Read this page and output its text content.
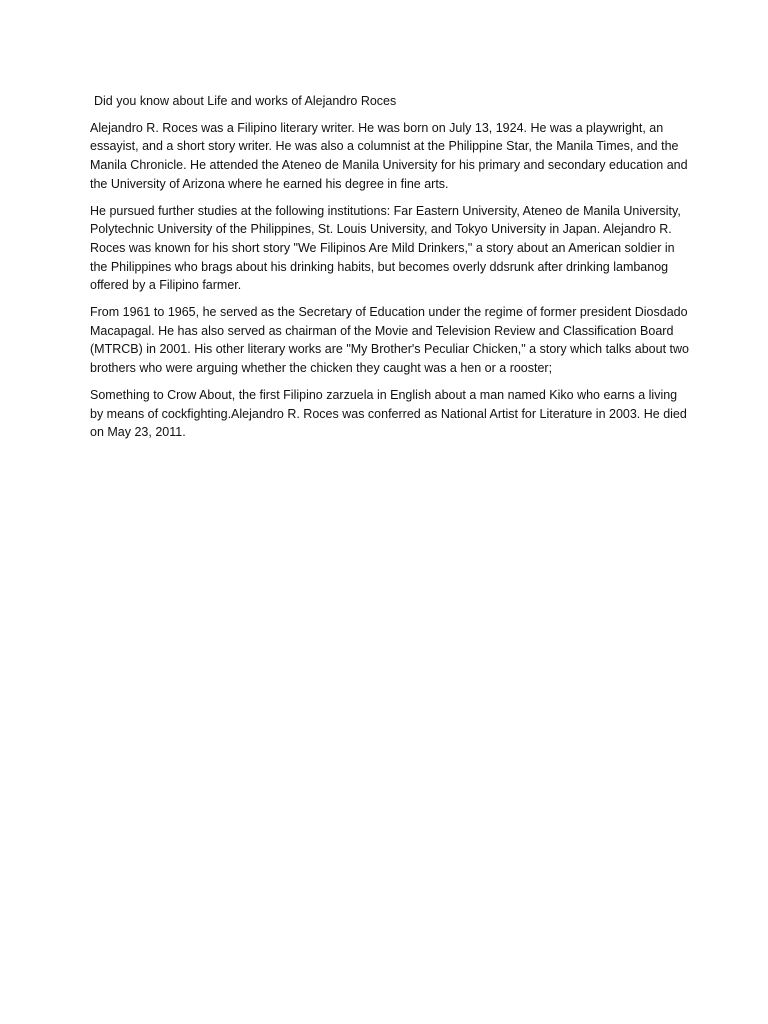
Did you know about Life and works of Alejandro Roces

Alejandro R. Roces was a Filipino literary writer. He was born on July 13, 1924. He was a playwright, an essayist, and a short story writer. He was also a columnist at the Philippine Star, the Manila Times, and the Manila Chronicle. He attended the Ateneo de Manila University for his primary and secondary education and the University of Arizona where he earned his degree in fine arts.

He pursued further studies at the following institutions: Far Eastern University, Ateneo de Manila University, Polytechnic University of the Philippines, St. Louis University, and Tokyo University in Japan. Alejandro R. Roces was known for his short story "We Filipinos Are Mild Drinkers," a story about an American soldier in the Philippines who brags about his drinking habits, but becomes overly ddsrunk after drinking lambanog offered by a Filipino farmer.

From 1961 to 1965, he served as the Secretary of Education under the regime of former president Diosdado Macapagal. He has also served as chairman of the Movie and Television Review and Classification Board (MTRCB) in 2001. His other literary works are "My Brother's Peculiar Chicken," a story which talks about two brothers who were arguing whether the chicken they caught was a hen or a rooster;

Something to Crow About, the first Filipino zarzuela in English about a man named Kiko who earns a living by means of cockfighting.Alejandro R. Roces was conferred as National Artist for Literature in 2003. He died on May 23, 2011.
